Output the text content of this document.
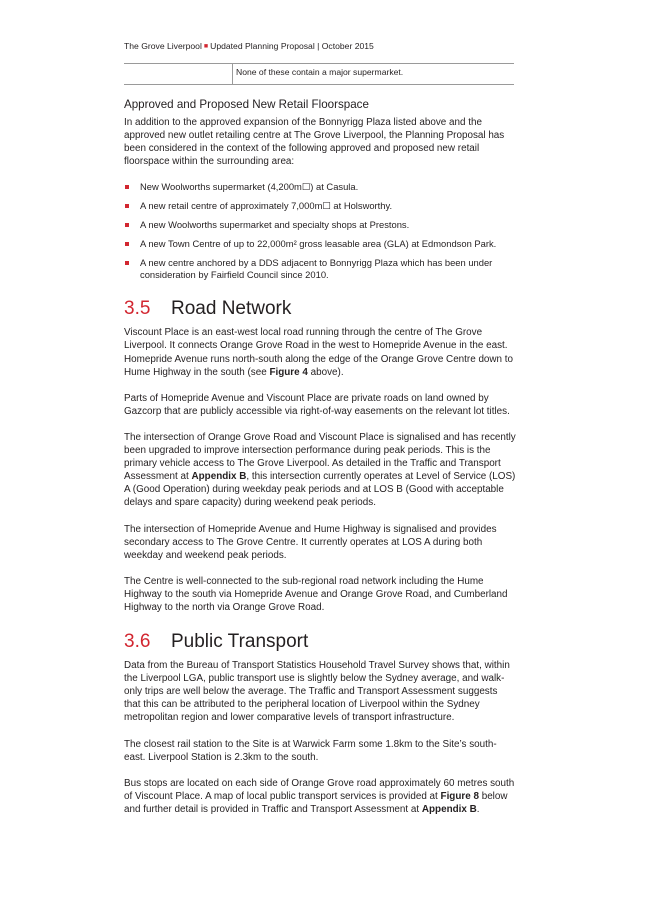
The Grove Liverpool ■ Updated Planning Proposal | October 2015
None of these contain a major supermarket.
Approved and Proposed New Retail Floorspace

In addition to the approved expansion of the Bonnyrigg Plaza listed above and the approved new outlet retailing centre at The Grove Liverpool, the Planning Proposal has been considered in the context of the following approved and proposed new retail floorspace within the surrounding area:

New Woolworths supermarket (4,200m☐) at Casula.
A new retail centre of approximately 7,000m☐ at Holsworthy.
A new Woolworths supermarket and specialty shops at Prestons.
A new Town Centre of up to 22,000m² gross leasable area (GLA) at Edmondson Park.
A new centre anchored by a DDS adjacent to Bonnyrigg Plaza which has been under consideration by Fairfield Council since 2010.
3.5 Road Network

Viscount Place is an east-west local road running through the centre of The Grove Liverpool. It connects Orange Grove Road in the west to Homepride Avenue in the east. Homepride Avenue runs north-south along the edge of the Orange Grove Centre down to Hume Highway in the south (see Figure 4 above).

Parts of Homepride Avenue and Viscount Place are private roads on land owned by Gazcorp that are publicly accessible via right-of-way easements on the relevant lot titles.

The intersection of Orange Grove Road and Viscount Place is signalised and has recently been upgraded to improve intersection performance during peak periods. This is the primary vehicle access to The Grove Liverpool. As detailed in the Traffic and Transport Assessment at Appendix B, this intersection currently operates at Level of Service (LOS) A (Good Operation) during weekday peak periods and at LOS B (Good with acceptable delays and spare capacity) during weekend peak periods.

The intersection of Homepride Avenue and Hume Highway is signalised and provides secondary access to The Grove Centre. It currently operates at LOS A during both weekday and weekend peak periods.

The Centre is well-connected to the sub-regional road network including the Hume Highway to the south via Homepride Avenue and Orange Grove Road, and Cumberland Highway to the north via Orange Grove Road.

3.6 Public Transport

Data from the Bureau of Transport Statistics Household Travel Survey shows that, within the Liverpool LGA, public transport use is slightly below the Sydney average, and walk-only trips are well below the average. The Traffic and Transport Assessment suggests that this can be attributed to the peripheral location of Liverpool within the Sydney metropolitan region and lower comparative levels of transport infrastructure.

The closest rail station to the Site is at Warwick Farm some 1.8km to the Site’s south-east. Liverpool Station is 2.3km to the south.

Bus stops are located on each side of Orange Grove road approximately 60 metres south of Viscount Place. A map of local public transport services is provided at Figure 8 below and further detail is provided in Traffic and Transport Assessment at Appendix B.
